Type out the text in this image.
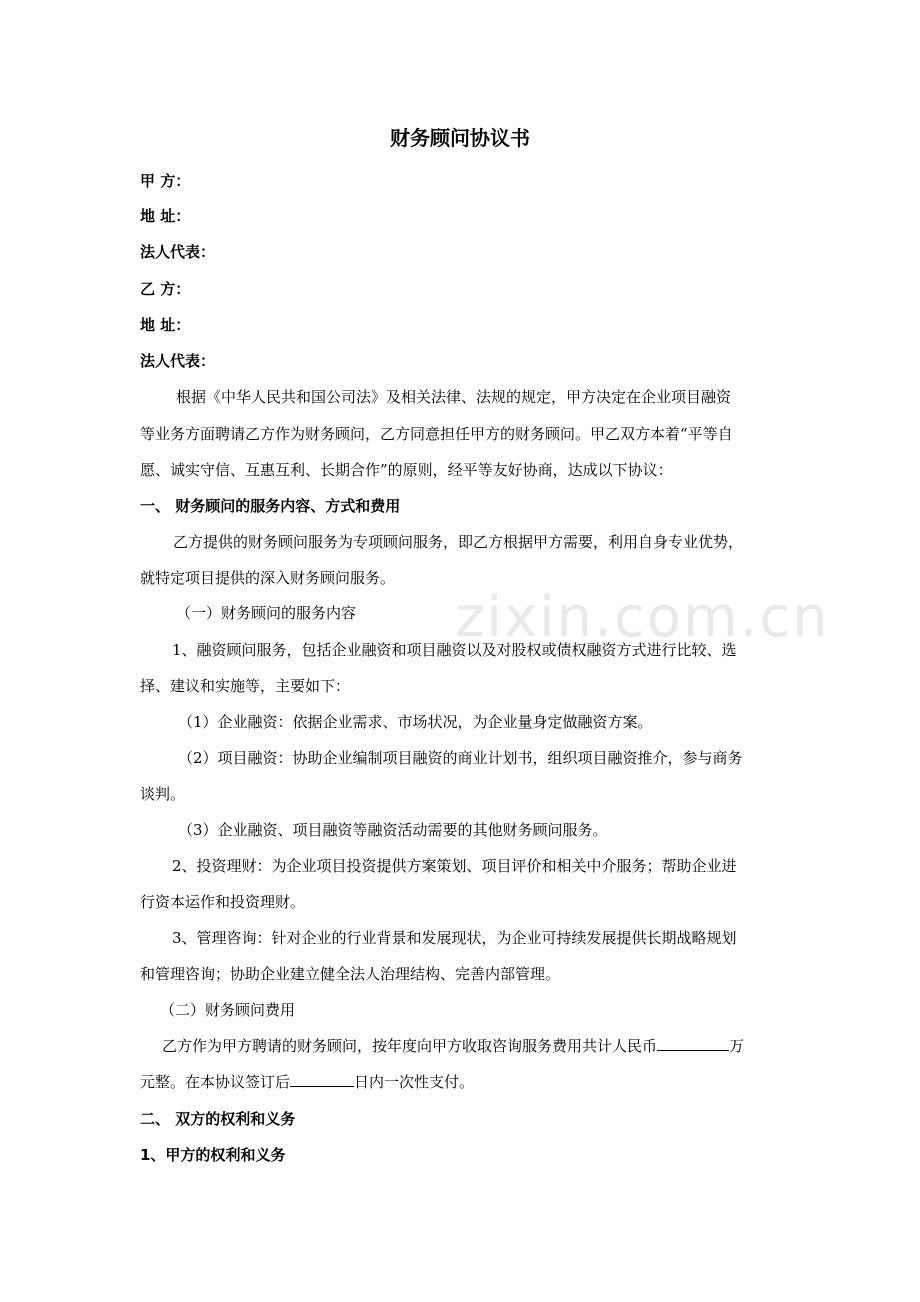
zixin.com.cn
财务顾问协议书
甲 方：
地 址：
法人代表：
乙 方：
地 址：
法人代表：
根据《中华人民共和国公司法》及相关法律、法规的规定，甲方决定在企业项目融资
等业务方面聘请乙方作为财务顾问，乙方同意担任甲方的财务顾问。甲乙双方本着“平等自
愿、诚实守信、互惠互利、长期合作”的原则，经平等友好协商，达成以下协议：
一、 财务顾问的服务内容、方式和费用
乙方提供的财务顾问服务为专项顾问服务，即乙方根据甲方需要，利用自身专业优势，
就特定项目提供的深入财务顾问服务。
（一）财务顾问的服务内容
1、融资顾问服务，包括企业融资和项目融资以及对股权或债权融资方式进行比较、选
择、建议和实施等，主要如下：
（1）企业融资：依据企业需求、市场状况，为企业量身定做融资方案。
（2）项目融资：协助企业编制项目融资的商业计划书，组织项目融资推介，参与商务
谈判。
（3）企业融资、项目融资等融资活动需要的其他财务顾问服务。
2、投资理财：为企业项目投资提供方案策划、项目评价和相关中介服务；帮助企业进
行资本运作和投资理财。
3、管理咨询：针对企业的行业背景和发展现状，为企业可持续发展提供长期战略规划
和管理咨询；协助企业建立健全法人治理结构、完善内部管理。
（二）财务顾问费用
乙方作为甲方聘请的财务顾问，按年度向甲方收取咨询服务费用共计人民币	万
元整。在本协议签订后	日内一次性支付。
二、 双方的权利和义务
1、甲方的权利和义务
